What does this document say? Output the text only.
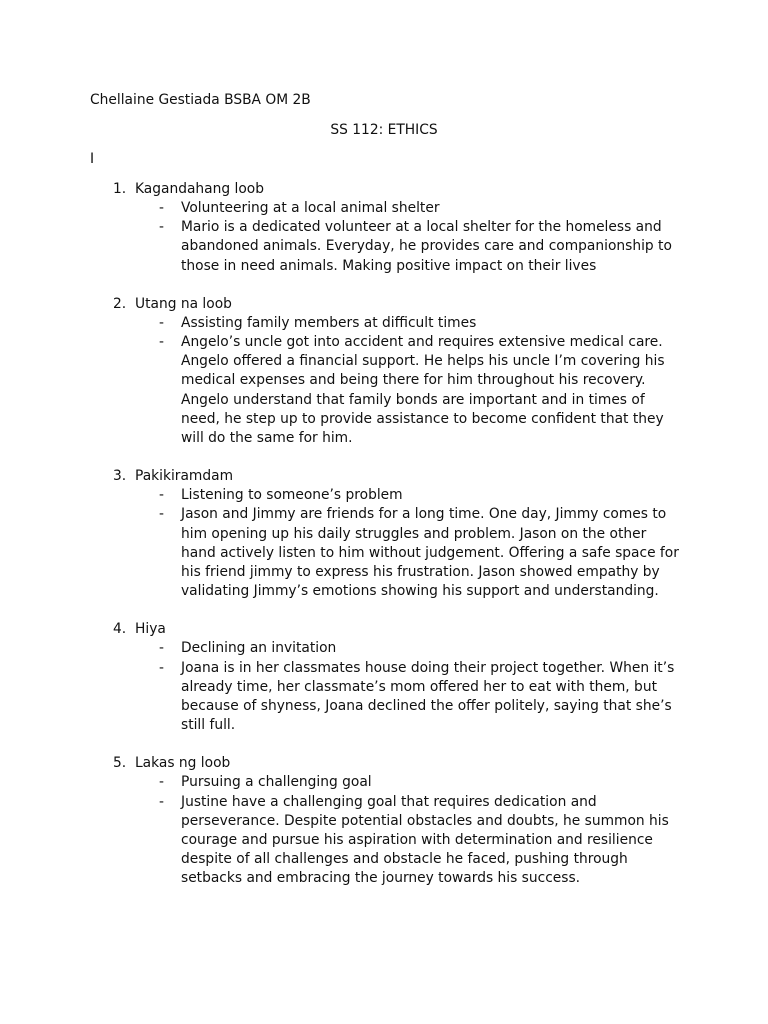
Chellaine Gestiada BSBA OM 2B
SS 112: ETHICS
I
1. Kagandahang loob
-	Volunteering at a local animal shelter
-	Mario is a dedicated volunteer at a local shelter for the homeless and abandoned animals. Everyday, he provides care and companionship to those in need animals. Making positive impact on their lives
2. Utang na loob
-	Assisting family members at difficult times
-	Angelo’s uncle got into accident and requires extensive medical care. Angelo offered a financial support. He helps his uncle I’m covering his medical expenses and being there for him throughout his recovery. Angelo understand that family bonds are important and in times of need, he step up to provide assistance to become confident that they will do the same for him.
3. Pakikiramdam
-	Listening to someone’s problem
-	Jason and Jimmy are friends for a long time. One day, Jimmy comes to him opening up his daily struggles and problem. Jason on the other hand actively listen to him without judgement. Offering a safe space for his friend jimmy to express his frustration. Jason showed empathy by validating Jimmy’s emotions showing his support and understanding.
4. Hiya
-	Declining an invitation
-	Joana is in her classmates house doing their project together. When it’s already time, her classmate’s mom offered her to eat with them, but because of shyness, Joana declined the offer politely, saying that she’s still full.
5. Lakas ng loob
-	Pursuing a challenging goal
-	Justine have a challenging goal that requires dedication and perseverance. Despite potential obstacles and doubts, he summon his courage and pursue his aspiration with determination and resilience despite of all challenges and obstacle he faced, pushing through setbacks and embracing the journey towards his success.
